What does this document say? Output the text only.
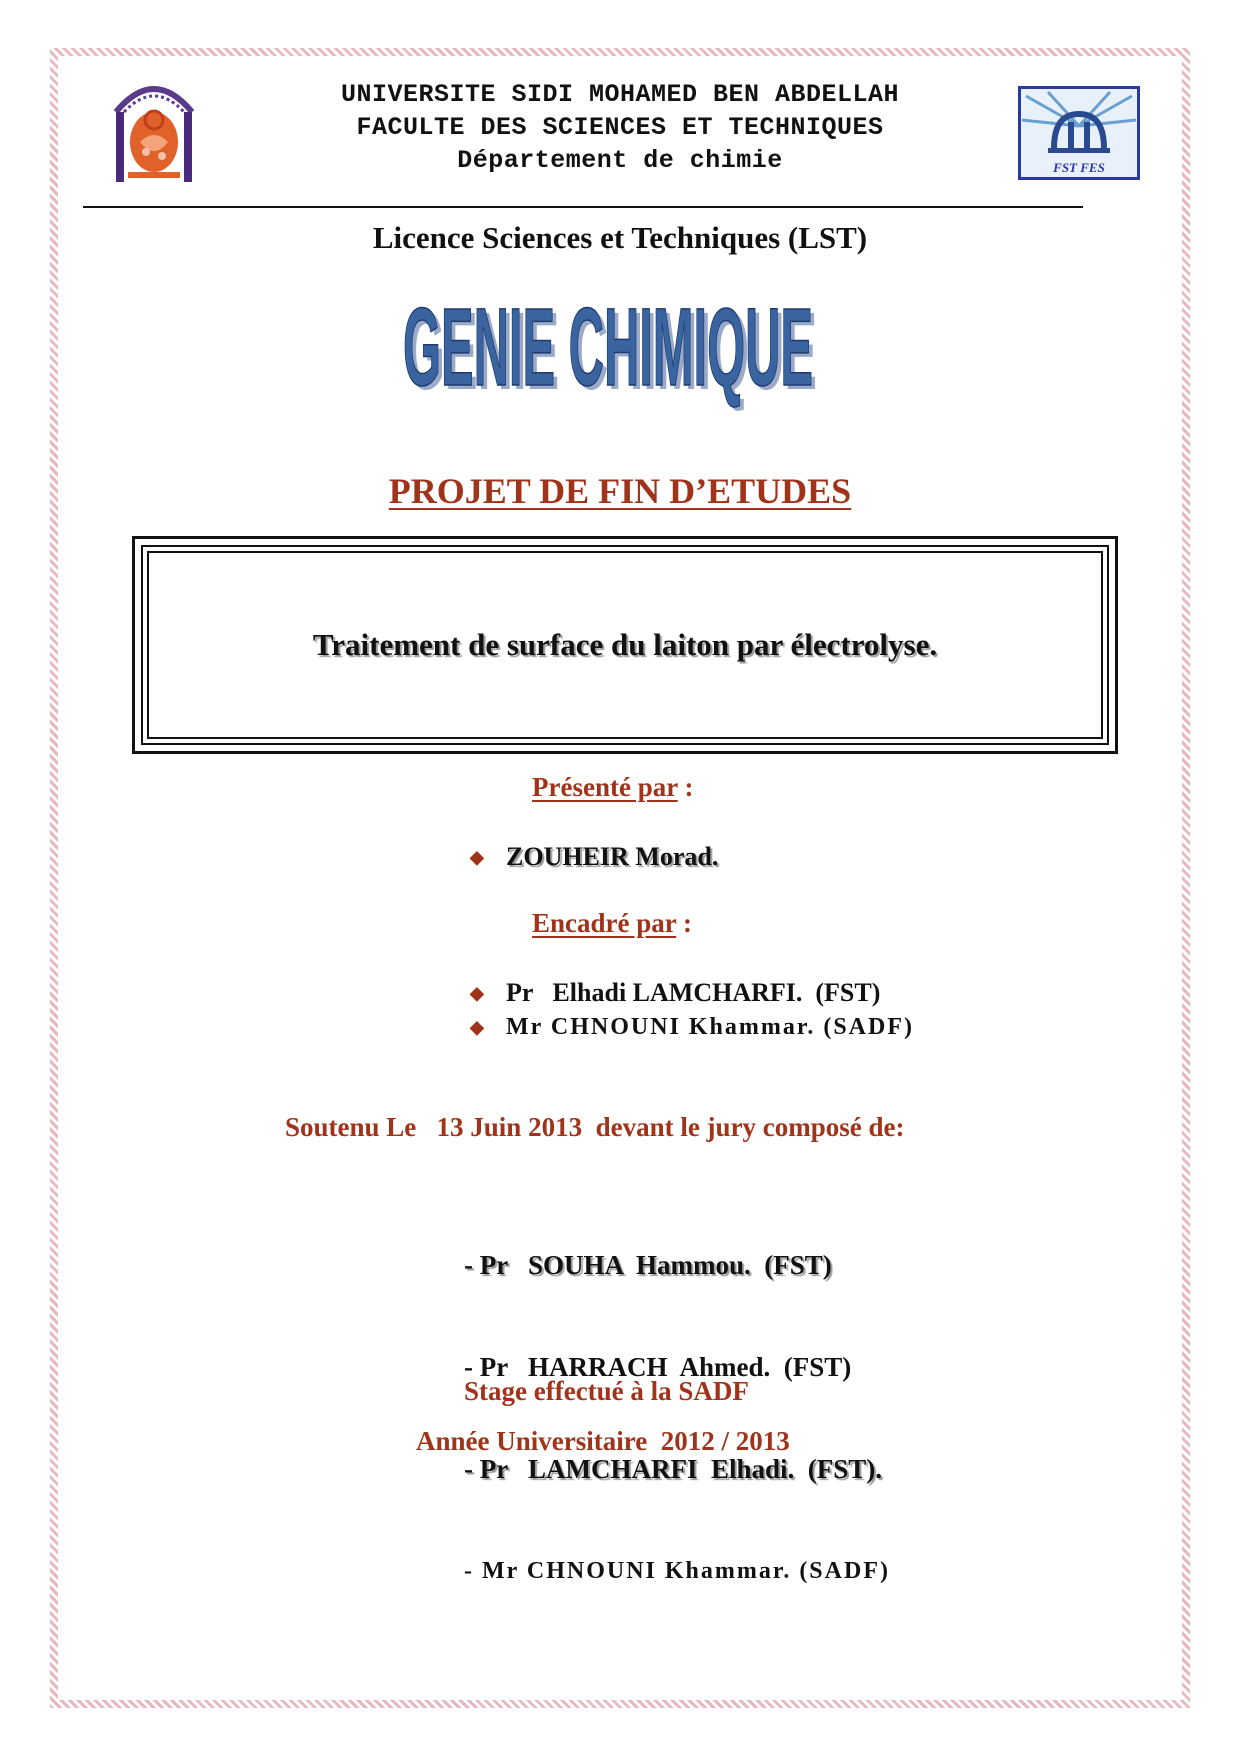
UNIVERSITE SIDI MOHAMED BEN ABDELLAH
FACULTE DES SCIENCES ET TECHNIQUES
Département de chimie	FST FES
Licence Sciences et Techniques (LST)
GENIE CHIMIQUE
GENIE CHIMIQUE
PROJET DE FIN D’ETUDES
Traitement de surface du laiton par électrolyse.
Présenté par :
◆ ZOUHEIR Morad.
Encadré par :
◆ Pr   Elhadi LAMCHARFI.  (FST)
◆ Mr CHNOUNI Khammar. (SADF)
Soutenu Le   13 Juin 2013  devant le jury composé de:

- Pr   SOUHA  Hammou.  (FST)

- Pr   HARRACH  Ahmed.  (FST)

- Pr   LAMCHARFI  Elhadi.  (FST).

- Mr CHNOUNI Khammar. (SADF)

Stage effectué à la SADF
Année Universitaire  2012 / 2013
